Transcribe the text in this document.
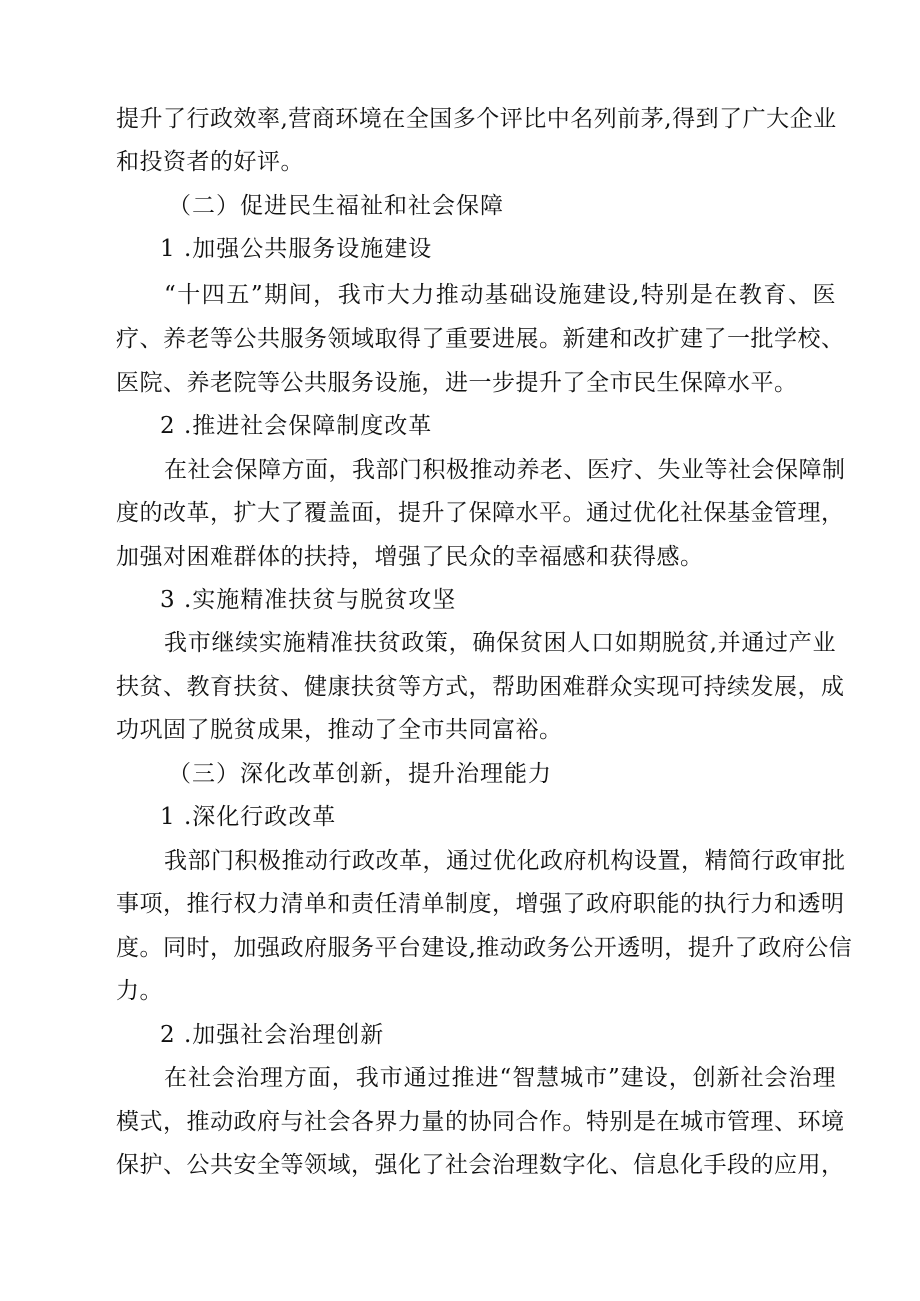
提升了行政效率,营商环境在全国多个评比中名列前茅,得到了广大企业
和投资者的好评。
（二）促进民生福祉和社会保障
1 .加强公共服务设施建设
“十四五”期间，我市大力推动基础设施建设,特别是在教育、医
疗、养老等公共服务领域取得了重要进展。新建和改扩建了一批学校、
医院、养老院等公共服务设施，进一步提升了全市民生保障水平。
2 .推进社会保障制度改革
在社会保障方面，我部门积极推动养老、医疗、失业等社会保障制
度的改革，扩大了覆盖面，提升了保障水平。通过优化社保基金管理，
加强对困难群体的扶持，增强了民众的幸福感和获得感。
3 .实施精准扶贫与脱贫攻坚
我市继续实施精准扶贫政策，确保贫困人口如期脱贫,并通过产业
扶贫、教育扶贫、健康扶贫等方式，帮助困难群众实现可持续发展，成
功巩固了脱贫成果，推动了全市共同富裕。
（三）深化改革创新，提升治理能力
1 .深化行政改革
我部门积极推动行政改革，通过优化政府机构设置，精简行政审批
事项，推行权力清单和责任清单制度，增强了政府职能的执行力和透明
度。同时，加强政府服务平台建设,推动政务公开透明，提升了政府公信
力。
2 .加强社会治理创新
在社会治理方面，我市通过推进“智慧城市”建设，创新社会治理
模式，推动政府与社会各界力量的协同合作。特别是在城市管理、环境
保护、公共安全等领域，强化了社会治理数字化、信息化手段的应用，
